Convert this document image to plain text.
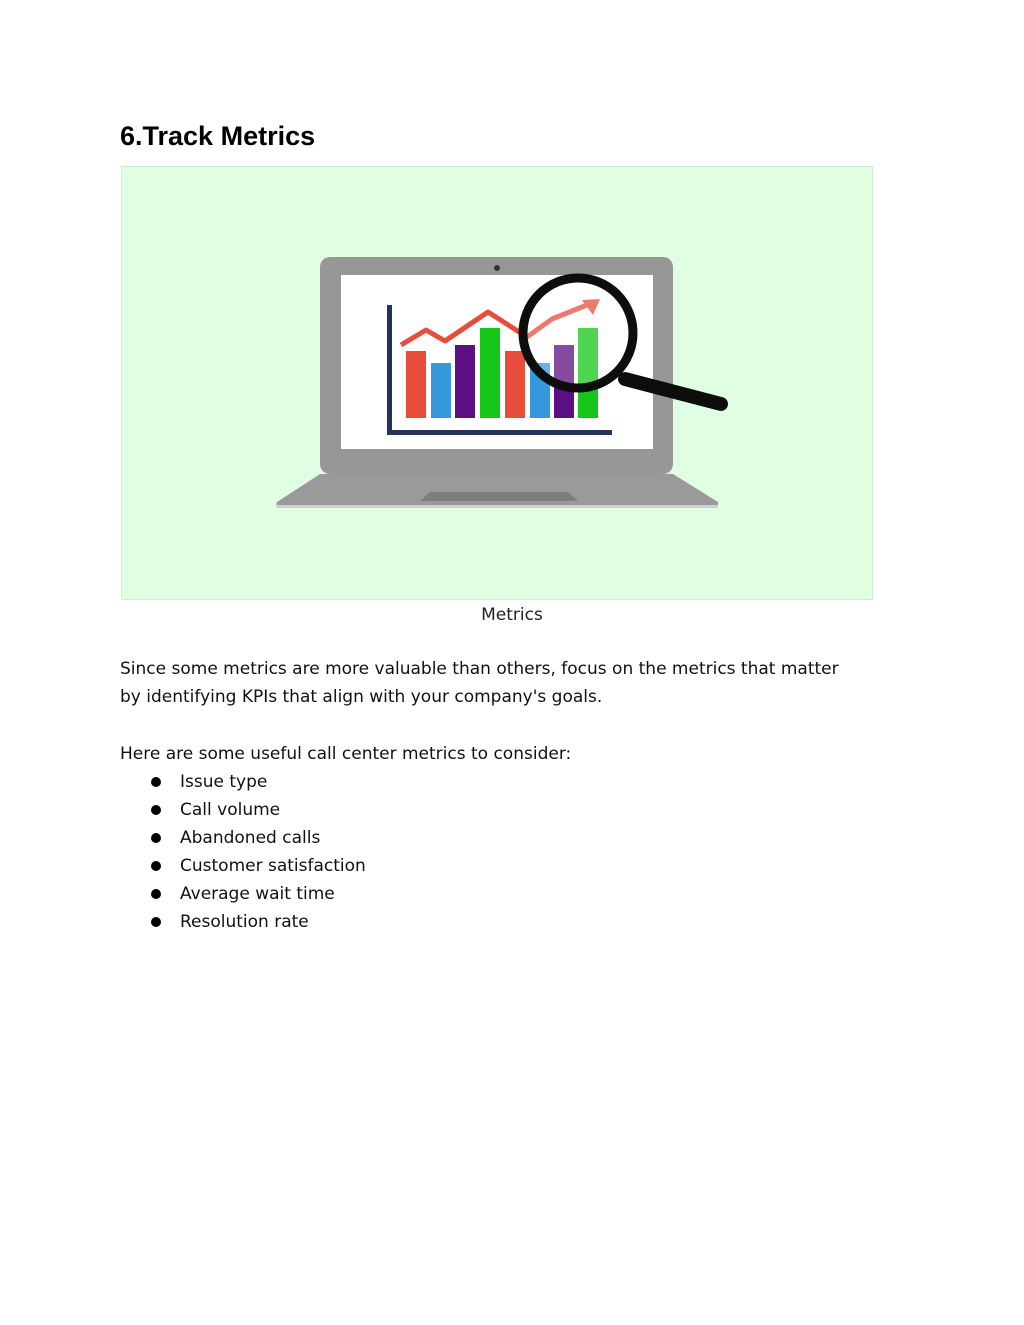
6.Track Metrics
Metrics

Since some metrics are more valuable than others, focus on the metrics that matter by identifying KPIs that align with your company's goals.

Here are some useful call center metrics to consider:

Issue type
Call volume
Abandoned calls
Customer satisfaction
Average wait time
Resolution rate
